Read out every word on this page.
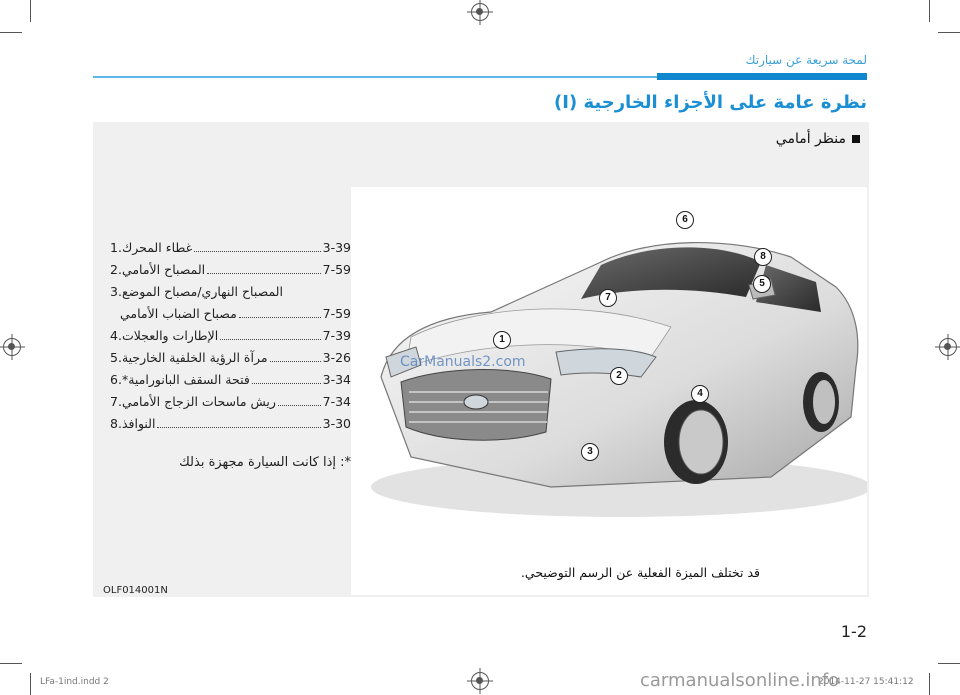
لمحة سريعة عن سيارتك
نظرة عامة على الأجزاء الخارجية (I)
منظر أمامي
1
2
3
4
5
6
7
8
.1 غطاء المحرك	3-39
.2 المصباح الأمامي	7-59
.3 المصباح النهاري/مصباح الموضع
مصباح الضباب الأمامي	7-59
.4 الإطارات والعجلات	7-39
.5 مرآة الرؤية الخلفية الخارجية	3-26
.6 فتحة السقف البانورامية*	3-34
.7 ريش ماسحات الزجاج الأمامي	7-34
.8 النوافذ	3-30
*: إذا كانت السيارة مجهزة بذلك
CarManuals2.com
قد تختلف الميزة الفعلية عن الرسم التوضيحي.
OLF014001N
1-2
LFa-1ind.indd 2	2014-11-27 15:41:12
carmanualsonline.info
